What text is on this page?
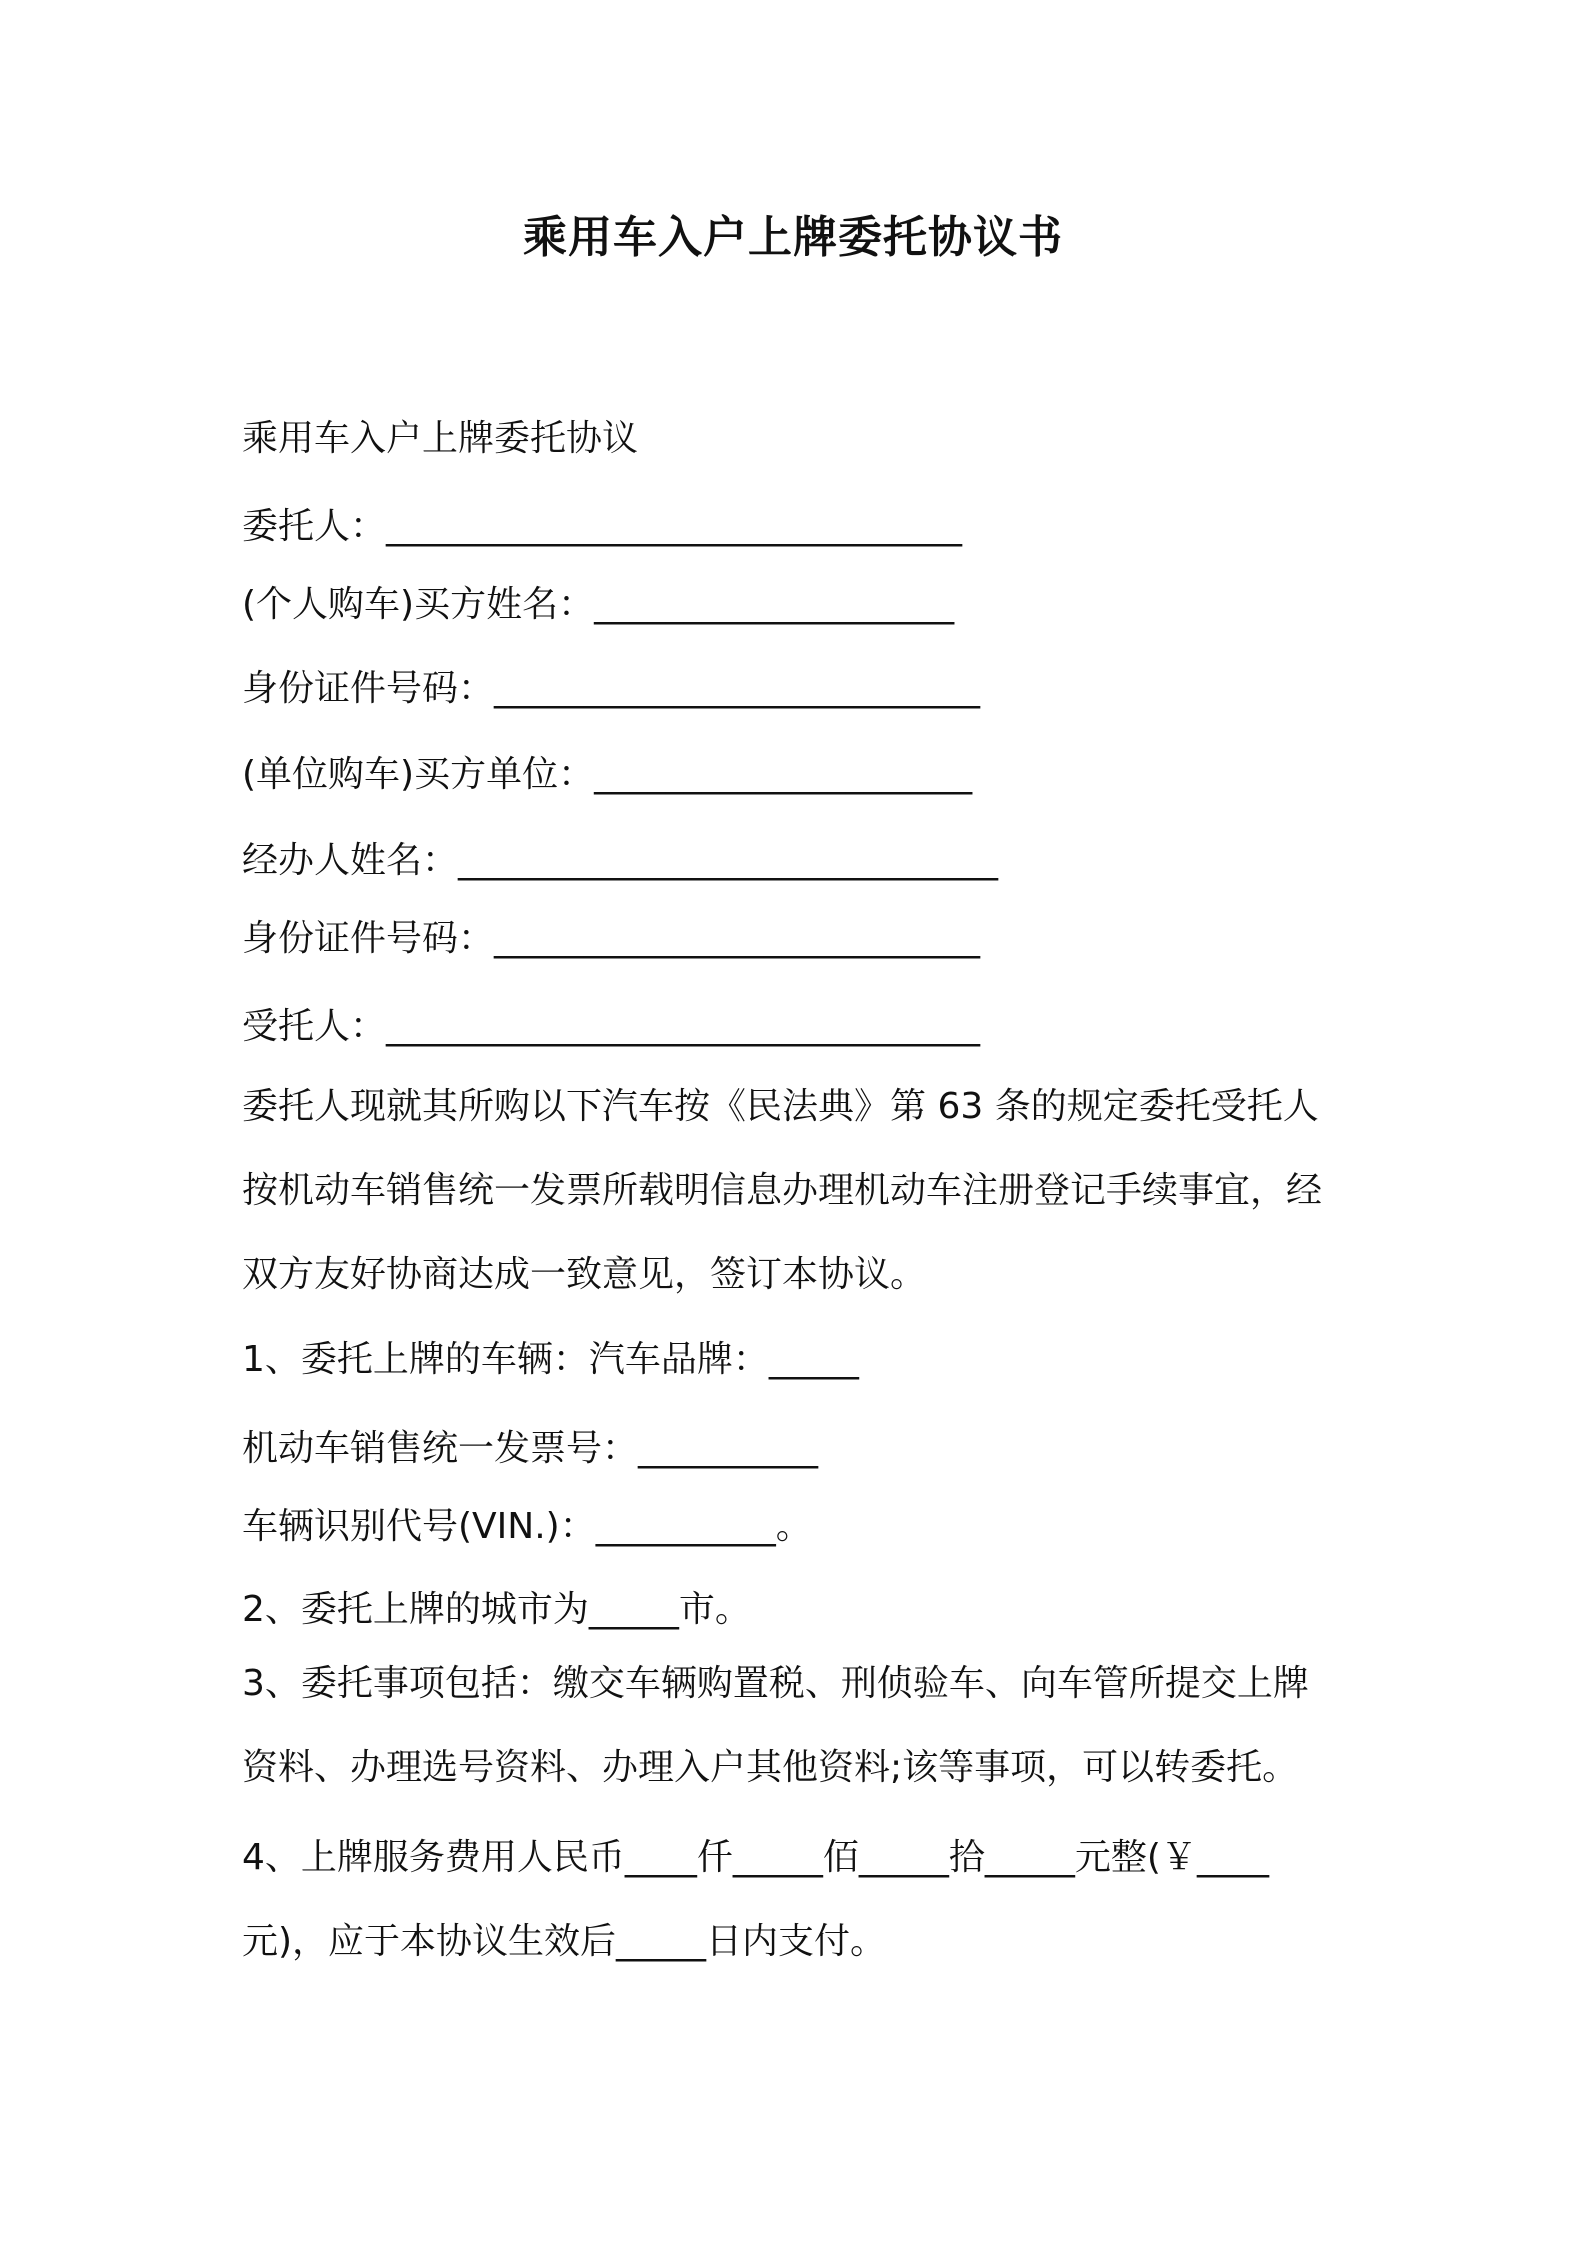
乘用车入户上牌委托协议书
乘用车入户上牌委托协议
委托人：________________________________
(个人购车)买方姓名：____________________
身份证件号码：___________________________
(单位购车)买方单位：_____________________
经办人姓名：______________________________
身份证件号码：___________________________
受托人：_________________________________
委托人现就其所购以下汽车按《民法典》第 63 条的规定委托受托人
按机动车销售统一发票所载明信息办理机动车注册登记手续事宜，经
双方友好协商达成一致意见，签订本协议。
1、委托上牌的车辆：汽车品牌：_____
机动车销售统一发票号：__________
车辆识别代号(VIN.)：__________。
2、委托上牌的城市为_____市。
3、委托事项包括：缴交车辆购置税、刑侦验车、向车管所提交上牌
资料、办理选号资料、办理入户其他资料;该等事项，可以转委托。
4、上牌服务费用人民币____仟_____佰_____拾_____元整(￥____
元)，应于本协议生效后_____日内支付。
